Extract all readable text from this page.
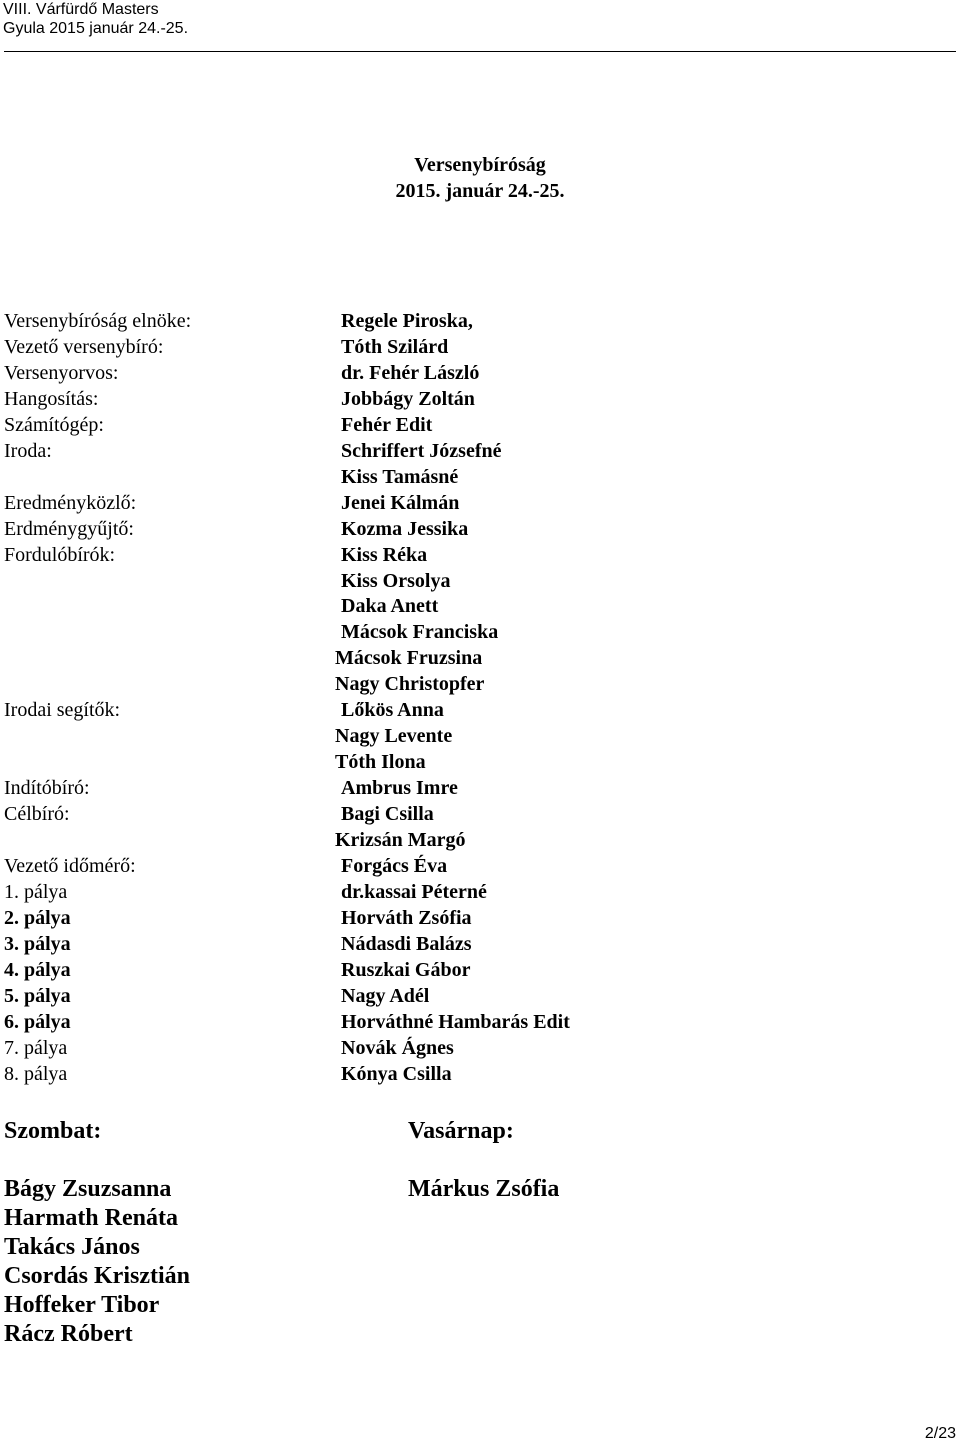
VIII. Várfürdő Masters
Gyula 2015 január 24.-25.
Versenybíróság
2015. január 24.-25.
Versenybíróság elnöke:	Regele Piroska,
Vezető versenybíró:	Tóth Szilárd
Versenyorvos:	dr. Fehér László
Hangosítás:	Jobbágy Zoltán
Számítógép:	Fehér Edit
Iroda:	Schriffert Józsefné
Kiss Tamásné
Eredményközlő:	Jenei Kálmán
Erdménygyűjtő:	Kozma Jessika
Fordulóbírók:	Kiss Réka
Kiss Orsolya
Daka Anett
Mácsok Franciska
Mácsok Fruzsina
Nagy Christopfer
Irodai segítők:	Lőkös Anna
Nagy Levente
Tóth Ilona
Indítóbíró:	Ambrus Imre
Célbíró:	Bagi Csilla
Krizsán Margó
Vezető időmérő:	Forgács Éva
1. pálya	dr.kassai Péterné
2. pálya	Horváth Zsófia
3. pálya	Nádasdi Balázs
4. pálya	Ruszkai Gábor
5. pálya	Nagy Adél
6. pálya	Horváthné Hambarás Edit
7. pálya	Novák Ágnes
8. pálya	Kónya Csilla
Szombat:
Bágy Zsuzsanna
Harmath Renáta
Takács János
Csordás Krisztián
Hoffeker Tibor
Rácz Róbert
Vasárnap:
Márkus Zsófia
2/23
